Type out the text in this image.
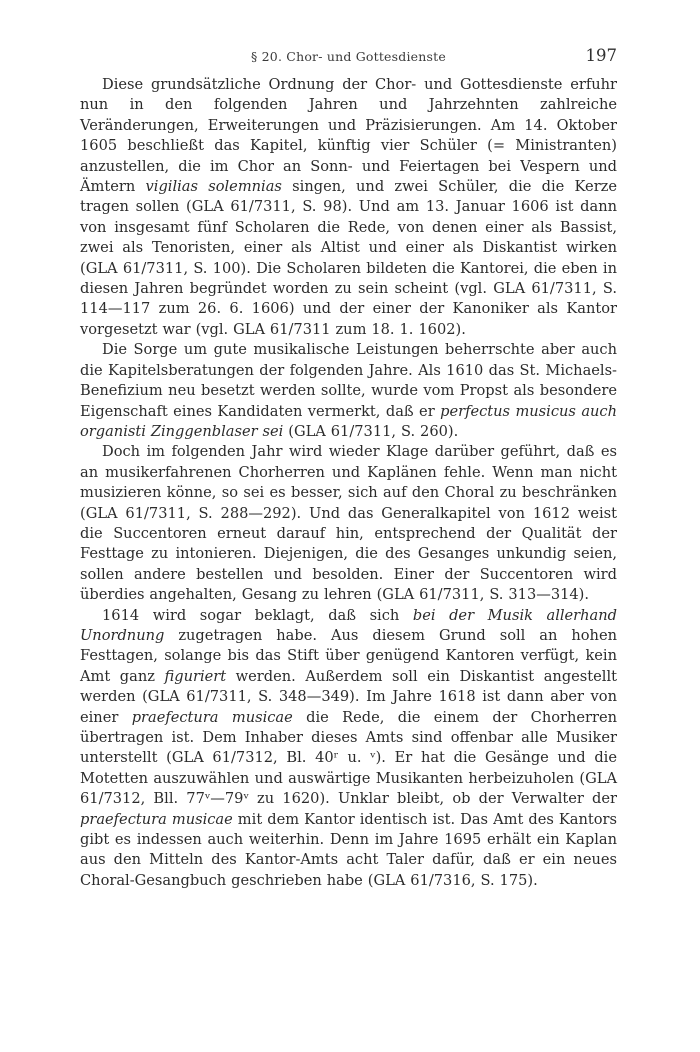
§ 20. Chor- und Gottesdienste	197

Diese grundsätzliche Ordnung der Chor- und Gottesdienste erfuhr nun in den folgenden Jahren und Jahrzehnten zahlreiche Veränderungen, Erweiterungen und Präzisierungen. Am 14. Oktober 1605 beschließt das Kapitel, künftig vier Schüler (= Ministranten) anzustellen, die im Chor an Sonn- und Feiertagen bei Vespern und Ämtern vigilias solemnias singen, und zwei Schüler, die die Kerze tragen sollen (GLA 61/7311, S. 98). Und am 13. Januar 1606 ist dann von insgesamt fünf Scholaren die Rede, von denen einer als Bassist, zwei als Tenoristen, einer als Altist und einer als Diskantist wirken (GLA 61/7311, S. 100). Die Scholaren bildeten die Kantorei, die eben in diesen Jahren begründet worden zu sein scheint (vgl. GLA 61/7311, S. 114—117 zum 26. 6. 1606) und der einer der Kanoniker als Kantor vorgesetzt war (vgl. GLA 61/7311 zum 18. 1. 1602).

Die Sorge um gute musikalische Leistungen beherrschte aber auch die Kapitelsberatungen der folgenden Jahre. Als 1610 das St. Michaels-Benefizium neu besetzt werden sollte, wurde vom Propst als besondere Eigenschaft eines Kandidaten vermerkt, daß er perfectus musicus auch organisti Zinggenblaser sei (GLA 61/7311, S. 260).

Doch im folgenden Jahr wird wieder Klage darüber geführt, daß es an musikerfahrenen Chorherren und Kaplänen fehle. Wenn man nicht musizieren könne, so sei es besser, sich auf den Choral zu beschränken (GLA 61/7311, S. 288—292). Und das Generalkapitel von 1612 weist die Succentoren erneut darauf hin, entsprechend der Qualität der Festtage zu intonieren. Diejenigen, die des Gesanges unkundig seien, sollen andere bestellen und besolden. Einer der Succentoren wird überdies angehalten, Gesang zu lehren (GLA 61/7311, S. 313—314).

1614 wird sogar beklagt, daß sich bei der Musik allerhand Unordnung zugetragen habe. Aus diesem Grund soll an hohen Festtagen, solange bis das Stift über genügend Kantoren verfügt, kein Amt ganz figuriert werden. Außerdem soll ein Diskantist angestellt werden (GLA 61/7311, S. 348—349). Im Jahre 1618 ist dann aber von einer praefectura musicae die Rede, die einem der Chorherren übertragen ist. Dem Inhaber dieses Amts sind offenbar alle Musiker unterstellt (GLA 61/7312, Bl. 40ʳ u. ᵛ). Er hat die Gesänge und die Motetten auszuwählen und auswärtige Musikanten herbeizuholen (GLA 61/7312, Bll. 77ᵛ—79ᵛ zu 1620). Unklar bleibt, ob der Verwalter der praefectura musicae mit dem Kantor identisch ist. Das Amt des Kantors gibt es indessen auch weiterhin. Denn im Jahre 1695 erhält ein Kaplan aus den Mitteln des Kantor-Amts acht Taler dafür, daß er ein neues Choral-Gesangbuch geschrieben habe (GLA 61/7316, S. 175).
